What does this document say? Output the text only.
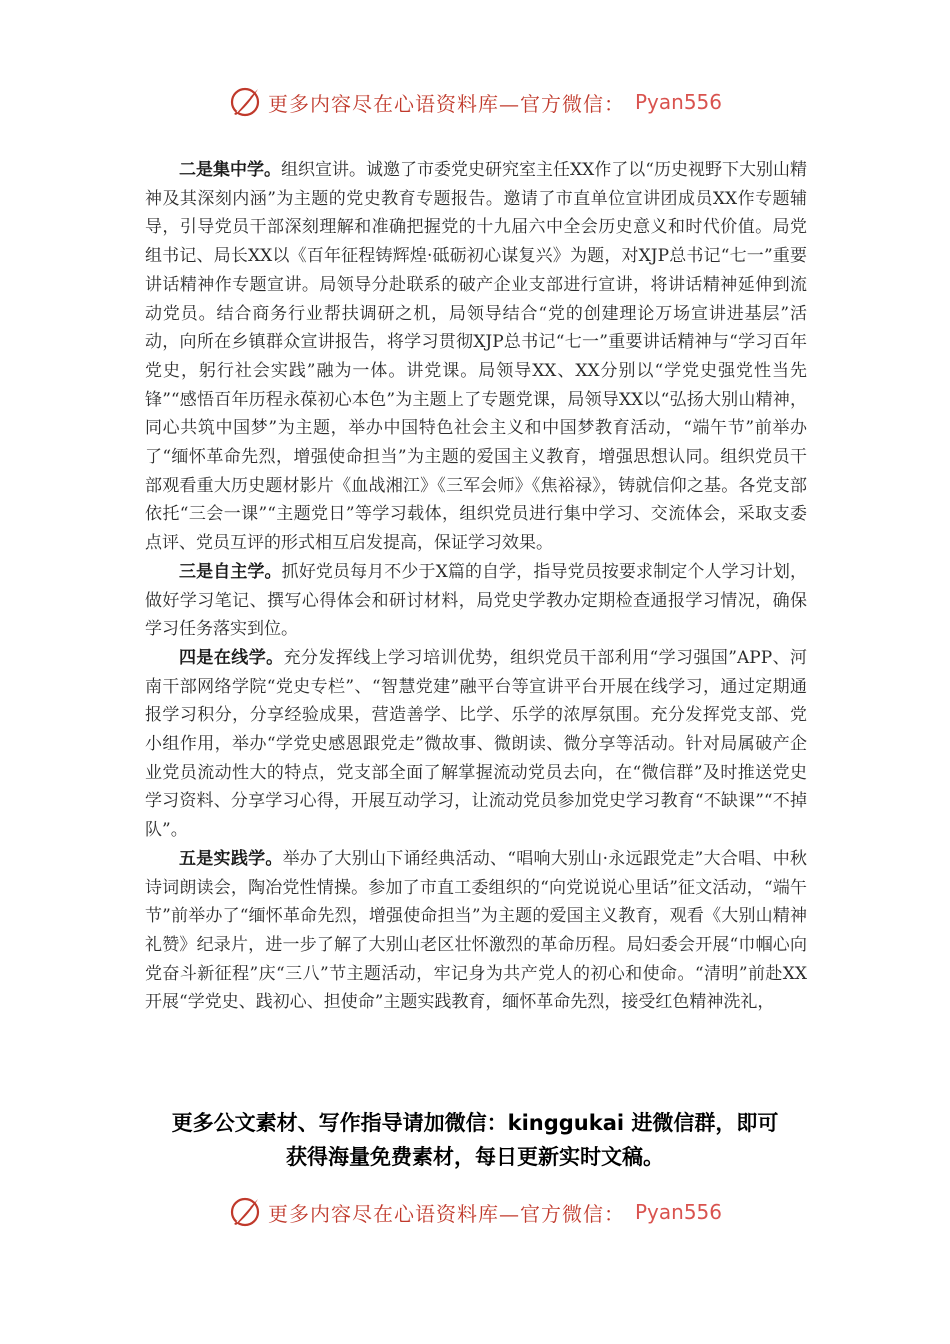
更多内容尽在心语资料库—官方微信： Pyan556

二是集中学。组织宣讲。诚邀了市委党史研究室主任XX作了以“历史视野下大别山精神及其深刻内涵”为主题的党史教育专题报告。邀请了市直单位宣讲团成员XX作专题辅导，引导党员干部深刻理解和准确把握党的十九届六中全会历史意义和时代价值。局党组书记、局长XX以《百年征程铸辉煌·砥砺初心谋复兴》为题，对XJP总书记“七一”重要讲话精神作专题宣讲。局领导分赴联系的破产企业支部进行宣讲，将讲话精神延伸到流动党员。结合商务行业帮扶调研之机，局领导结合“党的创建理论万场宣讲进基层”活动，向所在乡镇群众宣讲报告，将学习贯彻XJP总书记“七一”重要讲话精神与“学习百年党史，躬行社会实践”融为一体。讲党课。局领导XX、XX分别以“学党史强党性当先锋”“感悟百年历程永葆初心本色”为主题上了专题党课，局领导XX以“弘扬大别山精神，同心共筑中国梦”为主题，举办中国特色社会主义和中国梦教育活动，“端午节”前举办了“缅怀革命先烈，增强使命担当”为主题的爱国主义教育，增强思想认同。组织党员干部观看重大历史题材影片《血战湘江》《三军会师》《焦裕禄》，铸就信仰之基。各党支部依托“三会一课”“主题党日”等学习载体，组织党员进行集中学习、交流体会，采取支委点评、党员互评的形式相互启发提高，保证学习效果。

三是自主学。抓好党员每月不少于X篇的自学，指导党员按要求制定个人学习计划，做好学习笔记、撰写心得体会和研讨材料，局党史学教办定期检查通报学习情况，确保学习任务落实到位。

四是在线学。充分发挥线上学习培训优势，组织党员干部利用“学习强国”APP、河南干部网络学院“党史专栏”、“智慧党建”融平台等宣讲平台开展在线学习，通过定期通报学习积分，分享经验成果，营造善学、比学、乐学的浓厚氛围。充分发挥党支部、党小组作用，举办“学党史感恩跟党走”微故事、微朗读、微分享等活动。针对局属破产企业党员流动性大的特点，党支部全面了解掌握流动党员去向，在“微信群”及时推送党史学习资料、分享学习心得，开展互动学习，让流动党员参加党史学习教育“不缺课”“不掉队”。

五是实践学。举办了大别山下诵经典活动、“唱响大别山·永远跟党走”大合唱、中秋诗词朗读会，陶冶党性情操。参加了市直工委组织的“向党说说心里话”征文活动，“端午节”前举办了“缅怀革命先烈，增强使命担当”为主题的爱国主义教育，观看《大别山精神礼赞》纪录片，进一步了解了大别山老区壮怀激烈的革命历程。局妇委会开展“巾帼心向党奋斗新征程”庆“三八”节主题活动，牢记身为共产党人的初心和使命。“清明”前赴XX开展“学党史、践初心、担使命”主题实践教育，缅怀革命先烈，接受红色精神洗礼，

更多公文素材、写作指导请加微信：kinggukai 进微信群，即可
获得海量免费素材，每日更新实时文稿。
更多内容尽在心语资料库—官方微信： Pyan556
